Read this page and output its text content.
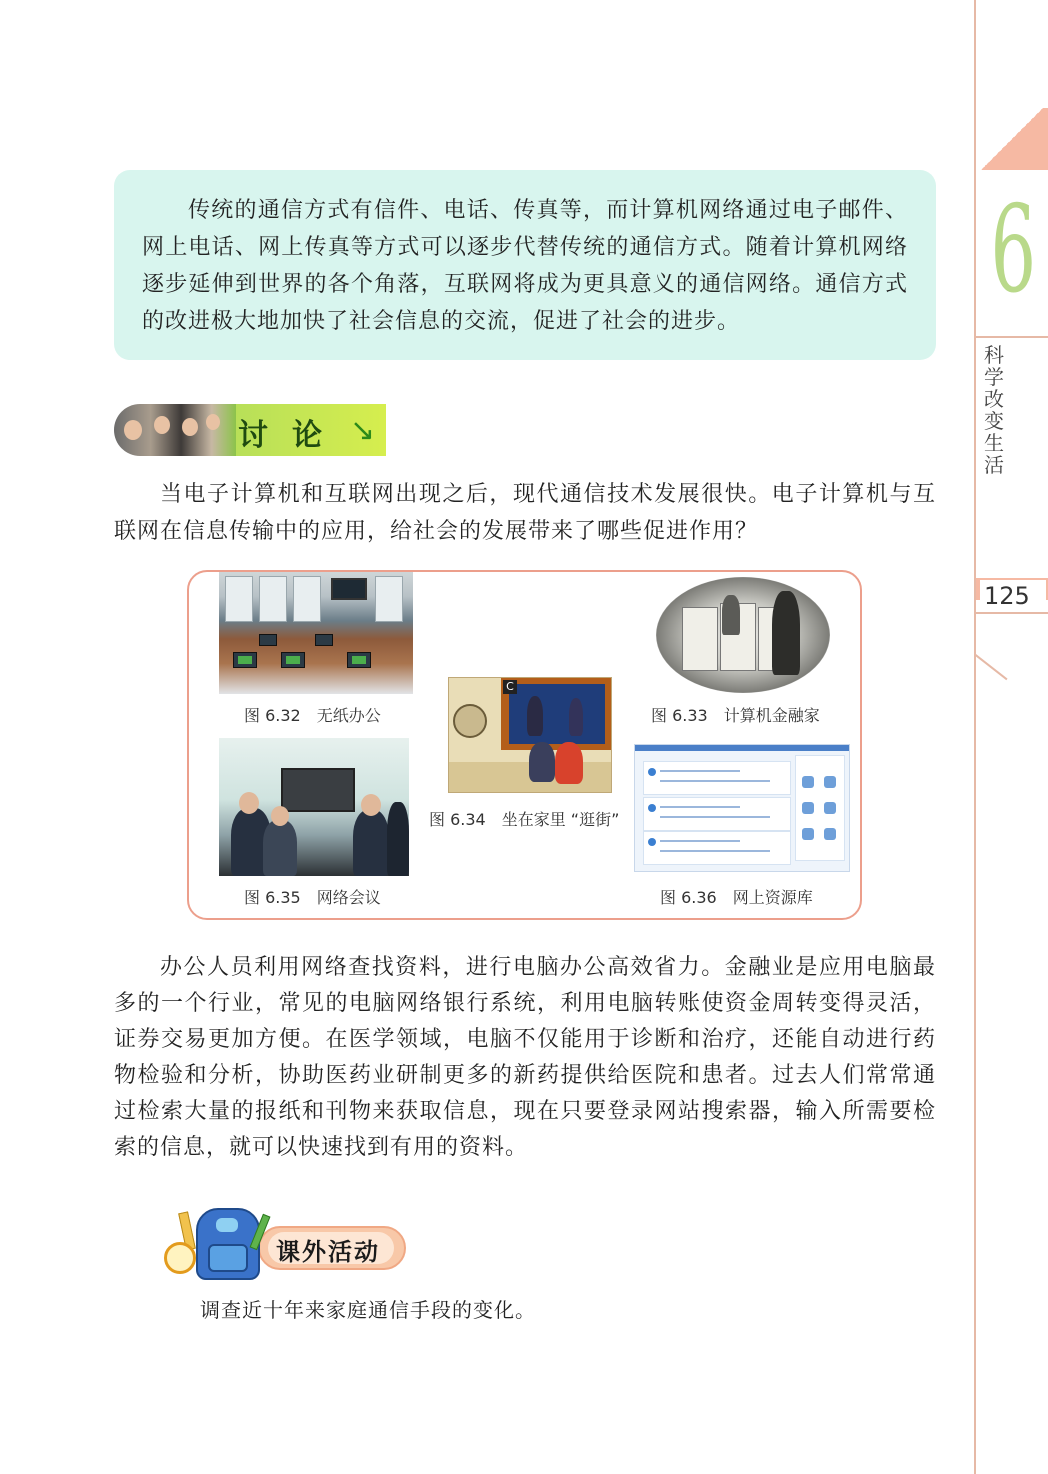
6
科学改变生活
125

传统的通信方式有信件、电话、传真等，而计算机网络通过电子邮件、网上电话、网上传真等方式可以逐步代替传统的通信方式。随着计算机网络逐步延伸到世界的各个角落，互联网将成为更具意义的通信网络。通信方式的改进极大地加快了社会信息的交流，促进了社会的进步。

讨论 ↘

当电子计算机和互联网出现之后，现代通信技术发展很快。电子计算机与互联网在信息传输中的应用，给社会的发展带来了哪些促进作用？

图 6.32　无纸办公
图 6.35　网络会议
C
图 6.34　坐在家里 “逛街”
图 6.33　计算机金融家
图 6.36　网上资源库

办公人员利用网络查找资料，进行电脑办公高效省力。金融业是应用电脑最多的一个行业，常见的电脑网络银行系统，利用电脑转账使资金周转变得灵活，证券交易更加方便。在医学领域，电脑不仅能用于诊断和治疗，还能自动进行药物检验和分析，协助医药业研制更多的新药提供给医院和患者。过去人们常常通过检索大量的报纸和刊物来获取信息，现在只要登录网站搜索器，输入所需要检索的信息，就可以快速找到有用的资料。

课外活动
调查近十年来家庭通信手段的变化。
